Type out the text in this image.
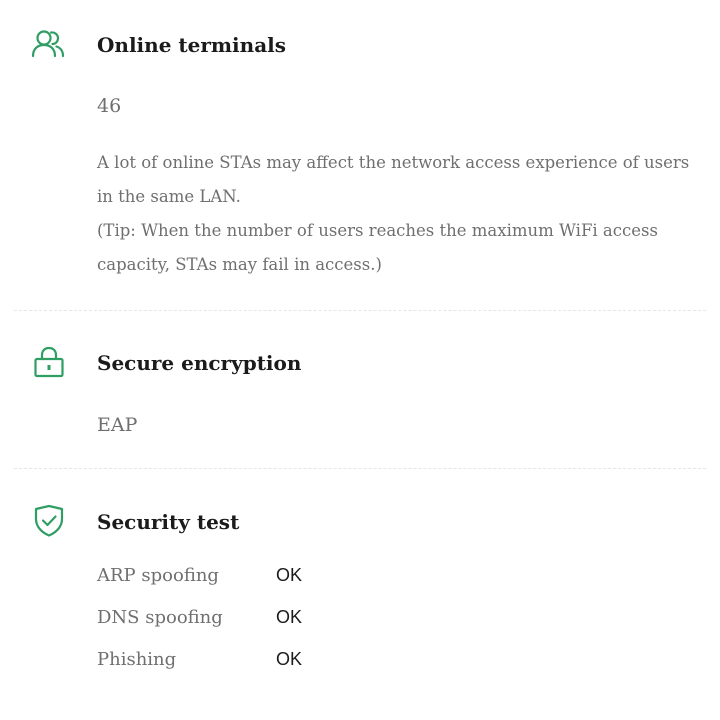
Online terminals
46

A lot of online STAs may affect the network access experience of users in the same LAN.

(Tip: When the number of users reaches the maximum WiFi access capacity, STAs may fail in access.)

Secure encryption
EAP
Security test
ARP spoofing	OK
DNS spoofing	OK
Phishing	OK
